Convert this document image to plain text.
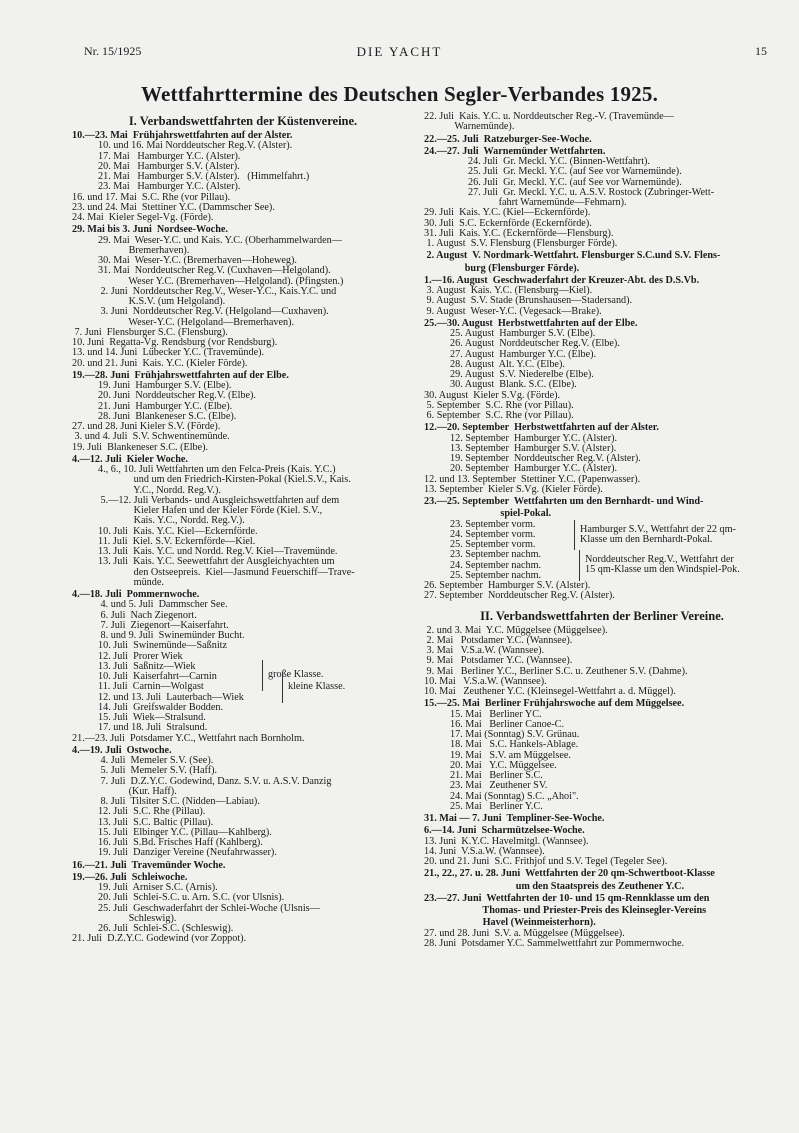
Nr. 15/1925	DIE YACHT	15
Wettfahrttermine des Deutschen Segler-Verbandes 1925.
I. Verbandswettfahrten der Küstenvereine.
10.—23. Mai  Frühjahrswettfahrten auf der Alster.
10. und 16. Mai Norddeutscher Reg.V. (Alster).
17. Mai   Hamburger Y.C. (Alster).
20. Mai   Hamburger S.V. (Alster).
21. Mai   Hamburger S.V. (Alster).   (Himmelfahrt.)
23. Mai   Hamburger Y.C. (Alster).
16. und 17. Mai  S.C. Rhe (vor Pillau).
23. und 24. Mai  Stettiner Y.C. (Dammscher See).
24. Mai  Kieler Segel-Vg. (Förde).
29. Mai bis 3. Juni  Nordsee-Woche.
29. Mai  Weser-Y.C. und Kais. Y.C. (Oberhammelwarden—
Bremerhaven).
30. Mai  Weser-Y.C. (Bremerhaven—Hoheweg).
31. Mai  Norddeutscher Reg.V. (Cuxhaven—Helgoland).
Weser Y.C. (Bremerhaven—Helgoland). (Pfingsten.)
2. Juni  Norddeutscher Reg.V., Weser-Y.C., Kais.Y.C. und
K.S.V. (um Helgoland).
3. Juni  Norddeutscher Reg.V. (Helgoland—Cuxhaven).
Weser-Y.C. (Helgoland—Bremerhaven).
7. Juni  Flensburger S.C. (Flensburg).
10. Juni  Regatta-Vg. Rendsburg (vor Rendsburg).
13. und 14. Juni  Lübecker Y.C. (Travemünde).
20. und 21. Juni  Kais. Y.C. (Kieler Förde).
19.—28. Juni  Frühjahrswettfahrten auf der Elbe.
19. Juni  Hamburger S.V. (Elbe).
20. Juni  Norddeutscher Reg.V. (Elbe).
21. Juni  Hamburger Y.C. (Elbe).
28. Juni  Blankeneser S.C. (Elbe).
27. und 28. Juni Kieler S.V. (Förde).
3. und 4. Juli  S.V. Schwentinemünde.
19. Juli  Blankeneser S.C. (Elbe).
4.—12. Juli  Kieler Woche.
4., 6., 10. Juli Wettfahrten um den Felca-Preis (Kais. Y.C.)
und um den Friedrich-Kirsten-Pokal (Kiel.S.V., Kais.
Y.C., Nordd. Reg.V.).
5.—12. Juli Verbands- und Ausgleichswettfahrten auf dem
Kieler Hafen und der Kieler Förde (Kiel. S.V.,
Kais. Y.C., Nordd. Reg.V.).
10. Juli  Kais. Y.C. Kiel—Eckernförde.
11. Juli  Kiel. S.V. Eckernförde—Kiel.
13. Juli  Kais. Y.C. und Nordd. Reg.V. Kiel—Travemünde.
13. Juli  Kais. Y.C. Seewettfahrt der Ausgleichyachten um
den Ostseepreis.  Kiel—Jasmund Feuerschiff—Trave-
münde.
4.—18. Juli  Pommernwoche.
4. und 5. Juli  Dammscher See.
6. Juli  Nach Ziegenort.
7. Juli  Ziegenort—Kaiserfahrt.
8. und 9. Juli  Swinemünder Bucht.
10. Juli  Swinemünde—Saßnitz
12. Juli  Prorer Wiek
13. Juli  Saßnitz—Wiek
10. Juli  Kaiserfahrt—Carnin
11. Juli  Carnin—Wolgast
12. und 13. Juli  Lauterbach—Wiek
14. Juli  Greifswalder Bodden.
15. Juli  Wiek—Stralsund.
17. und 18. Juli  Stralsund.
21.—23. Juli  Potsdamer Y.C., Wettfahrt nach Bornholm.
4.—19. Juli  Ostwoche.
4. Juli  Memeler S.V. (See).
5. Juli  Memeler S.V. (Haff).
7. Juli  D.Z.Y.C. Godewind, Danz. S.V. u. A.S.V. Danzig
(Kur. Haff).
8. Juli  Tilsiter S.C. (Nidden—Labiau).
12. Juli  S.C. Rhe (Pillau).
13. Juli  S.C. Baltic (Pillau).
15. Juli  Elbinger Y.C. (Pillau—Kahlberg).
16. Juli  S.Bd. Frisches Haff (Kahlberg).
19. Juli  Danziger Vereine (Neufahrwasser).
16.—21. Juli  Travemünder Woche.
19.—26. Juli  Schleiwoche.
19. Juli  Arniser S.C. (Arnis).
20. Juli  Schlei-S.C. u. Arn. S.C. (vor Ulsnis).
25. Juli  Geschwaderfahrt der Schlei-Woche (Ulsnis—
Schleswig).
26. Juli  Schlei-S.C. (Schleswig).
21. Juli  D.Z.Y.C. Godewind (vor Zoppot).
große Klasse.
kleine Klasse.
22. Juli  Kais. Y.C. u. Norddeutscher Reg.-V. (Travemünde—
Warnemünde).
22.—25. Juli  Ratzeburger-See-Woche.
24.—27. Juli  Warnemünder Wettfahrten.
24. Juli  Gr. Meckl. Y.C. (Binnen-Wettfahrt).
25. Juli  Gr. Meckl. Y.C. (auf See vor Warnemünde).
26. Juli  Gr. Meckl. Y.C. (auf See vor Warnemünde).
27. Juli  Gr. Meckl. Y.C. u. A.S.V. Rostock (Zubringer-Wett-
fahrt Warnemünde—Fehmarn).
29. Juli  Kais. Y.C. (Kiel—Eckernförde).
30. Juli  S.C. Eckernförde (Eckernförde).
31. Juli  Kais. Y.C. (Eckernförde—Flensburg).
1. August  S.V. Flensburg (Flensburger Förde).
2. August  V. Nordmark-Wettfahrt. Flensburger S.C.und S.V. Flens-
burg (Flensburger Förde).
1.—16. August  Geschwaderfahrt der Kreuzer-Abt. des D.S.Vb.
3. August  Kais. Y.C. (Flensburg—Kiel).
9. August  S.V. Stade (Brunshausen—Stadersand).
9. August  Weser-Y.C. (Vegesack—Brake).
25.—30. August  Herbstwettfahrten auf der Elbe.
25. August  Hamburger S.V. (Elbe).
26. August  Norddeutscher Reg.V. (Elbe).
27. August  Hamburger Y.C. (Elbe).
28. August  Alt. Y.C. (Elbe).
29. August  S.V. Niederelbe (Elbe).
30. August  Blank. S.C. (Elbe).
30. August  Kieler S.Vg. (Förde).
5. September  S.C. Rhe (vor Pillau).
6. September  S.C. Rhe (vor Pillau).
12.—20. September  Herbstwettfahrten auf der Alster.
12. September  Hamburger Y.C. (Alster).
13. September  Hamburger S.V. (Alster).
19. September  Norddeutscher Reg.V. (Alster).
20. September  Hamburger Y.C. (Alster).
12. und 13. September  Stettiner Y.C. (Papenwasser).
13. September  Kieler S.Vg. (Kieler Förde).
23.—25. September  Wettfahrten um den Bernhardt- und Wind-
spiel-Pokal.
23. September vorm.
24. September vorm.
25. September vorm.
23. September nachm.
24. September nachm.
25. September nachm.
26. September  Hamburger S.V. (Alster).
27. September  Norddeutscher Reg.V. (Alster).
Hamburger S.V., Wettfahrt der 22 qm-
Klasse um den Bernhardt-Pokal.
Norddeutscher Reg.V., Wettfahrt der
15 qm-Klasse um den Windspiel-Pok.
II. Verbandswettfahrten der Berliner Vereine.
2. und 3. Mai  Y.C. Müggelsee (Müggelsee).
2. Mai   Potsdamer Y.C. (Wannsee).
3. Mai   V.S.a.W. (Wannsee).
9. Mai   Potsdamer Y.C. (Wannsee).
9. Mai   Berliner Y.C., Berliner S.C. u. Zeuthener S.V. (Dahme).
10. Mai   V.S.a.W. (Wannsee).
10. Mai   Zeuthener Y.C. (Kleinsegel-Wettfahrt a. d. Müggel).
15.—25. Mai  Berliner Frühjahrswoche auf dem Müggelsee.
15. Mai   Berliner YC.
16. Mai   Berliner Canoe-C.
17. Mai (Sonntag) S.V. Grünau.
18. Mai   S.C. Hankels-Ablage.
19. Mai   S.V. am Müggelsee.
20. Mai   Y.C. Müggelsee.
21. Mai   Berliner S.C.
23. Mai   Zeuthener SV.
24. Mai (Sonntag) S.C. „Ahoi".
25. Mai   Berliner Y.C.
31. Mai — 7. Juni  Templiner-See-Woche.
6.—14. Juni  Scharmützelsee-Woche.
13. Juni  K.Y.C. Havelmitgl. (Wannsee).
14. Juni  V.S.a.W. (Wannsee).
20. und 21. Juni  S.C. Frithjof und S.V. Tegel (Tegeler See).
21., 22., 27. u. 28. Juni  Wettfahrten der 20 qm-Schwertboot-Klasse
um den Staatspreis des Zeuthener Y.C.
23.—27. Juni  Wettfahrten der 10- und 15 qm-Rennklasse um den
Thomas- und Priester-Preis des Kleinsegler-Vereins
Havel (Weinmeisterhorn).
27. und 28. Juni  S.V. a. Müggelsee (Müggelsee).
28. Juni  Potsdamer Y.C. Sammelwettfahrt zur Pommernwoche.
